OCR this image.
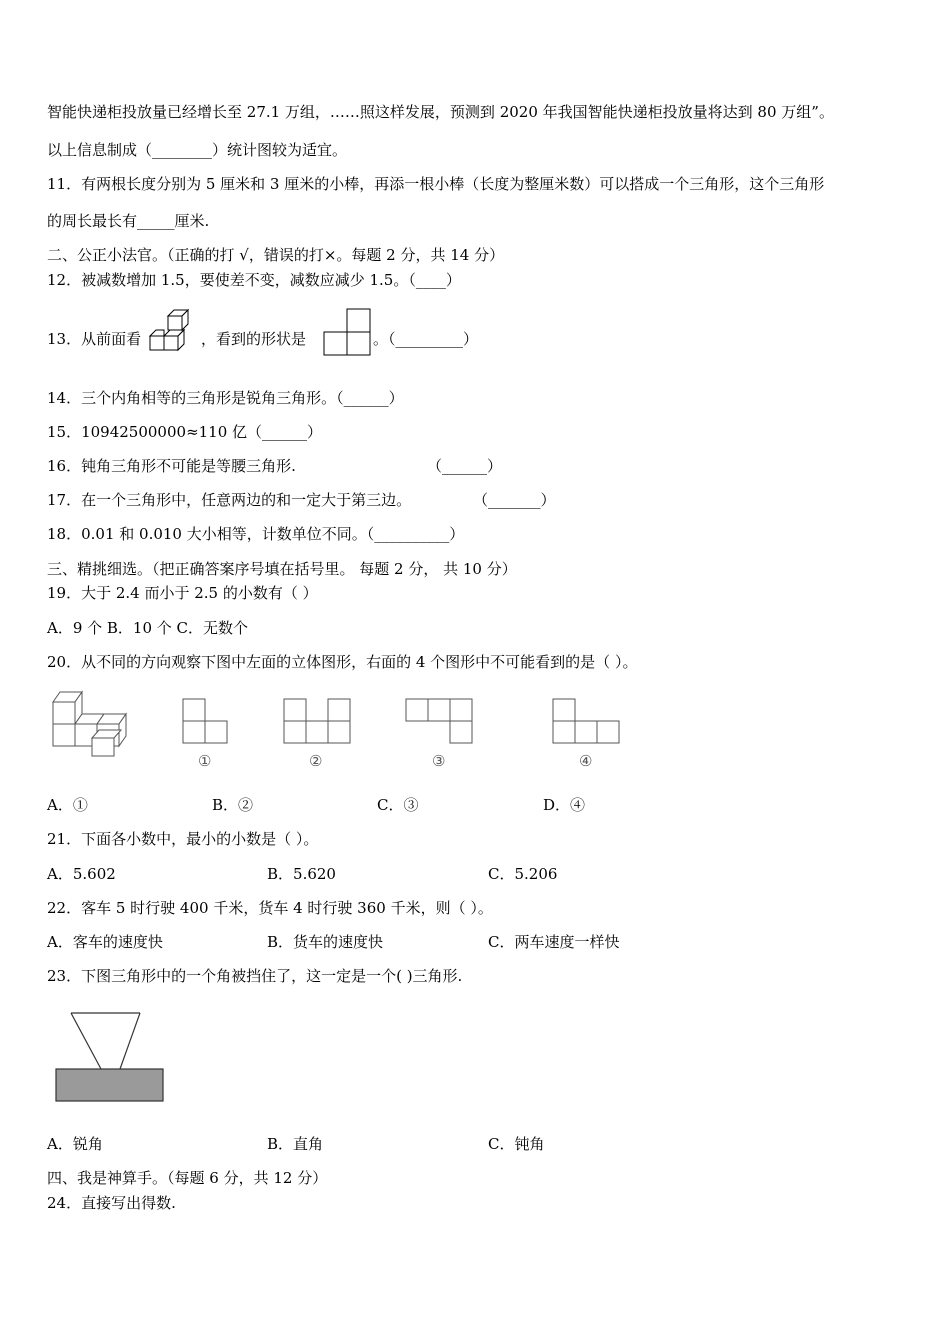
智能快递柜投放量已经增长至 27.1 万组，……照这样发展，预测到 2020 年我国智能快递柜投放量将达到 80 万组”。
以上信息制成（________）统计图较为适宜。
11．有两根长度分别为 5 厘米和 3 厘米的小棒，再添一根小棒（长度为整厘米数）可以搭成一个三角形，这个三角形
的周长最长有_____厘米.
二、公正小法官。（正确的打 √，错误的打×。每题 2 分，共 14 分）
12．被减数增加 1.5，要使差不变，减数应减少 1.5。（____）
13．从前面看	，看到的形状是	。（_________）
14．三个内角相等的三角形是锐角三角形。（______）
15．10942500000≈110 亿（______）
16．钝角三角形不可能是等腰三角形.	（______）
17．在一个三角形中，任意两边的和一定大于第三边。	（_______）
18．0.01 和 0.010 大小相等，计数单位不同。（__________）
三、精挑细选。（把正确答案序号填在括号里。 每题 2 分， 共 10 分）
19．大于 2.4 而小于 2.5 的小数有（ ）
A．9 个 B．10 个 C．无数个
20．从不同的方向观察下图中左面的立体图形，右面的 4 个图形中不可能看到的是（ ）。
①	②	③	④
A．①	B．②	C．③	D．④
21．下面各小数中，最小的小数是（ ）。
A．5.602	B．5.620	C．5.206
22．客车 5 时行驶 400 千米，货车 4 时行驶 360 千米，则（ ）。
A．客车的速度快	B．货车的速度快	C．两车速度一样快
23．下图三角形中的一个角被挡住了，这一定是一个( )三角形.
A．锐角	B．直角	C．钝角
四、我是神算手。（每题 6 分，共 12 分）
24．直接写出得数.
